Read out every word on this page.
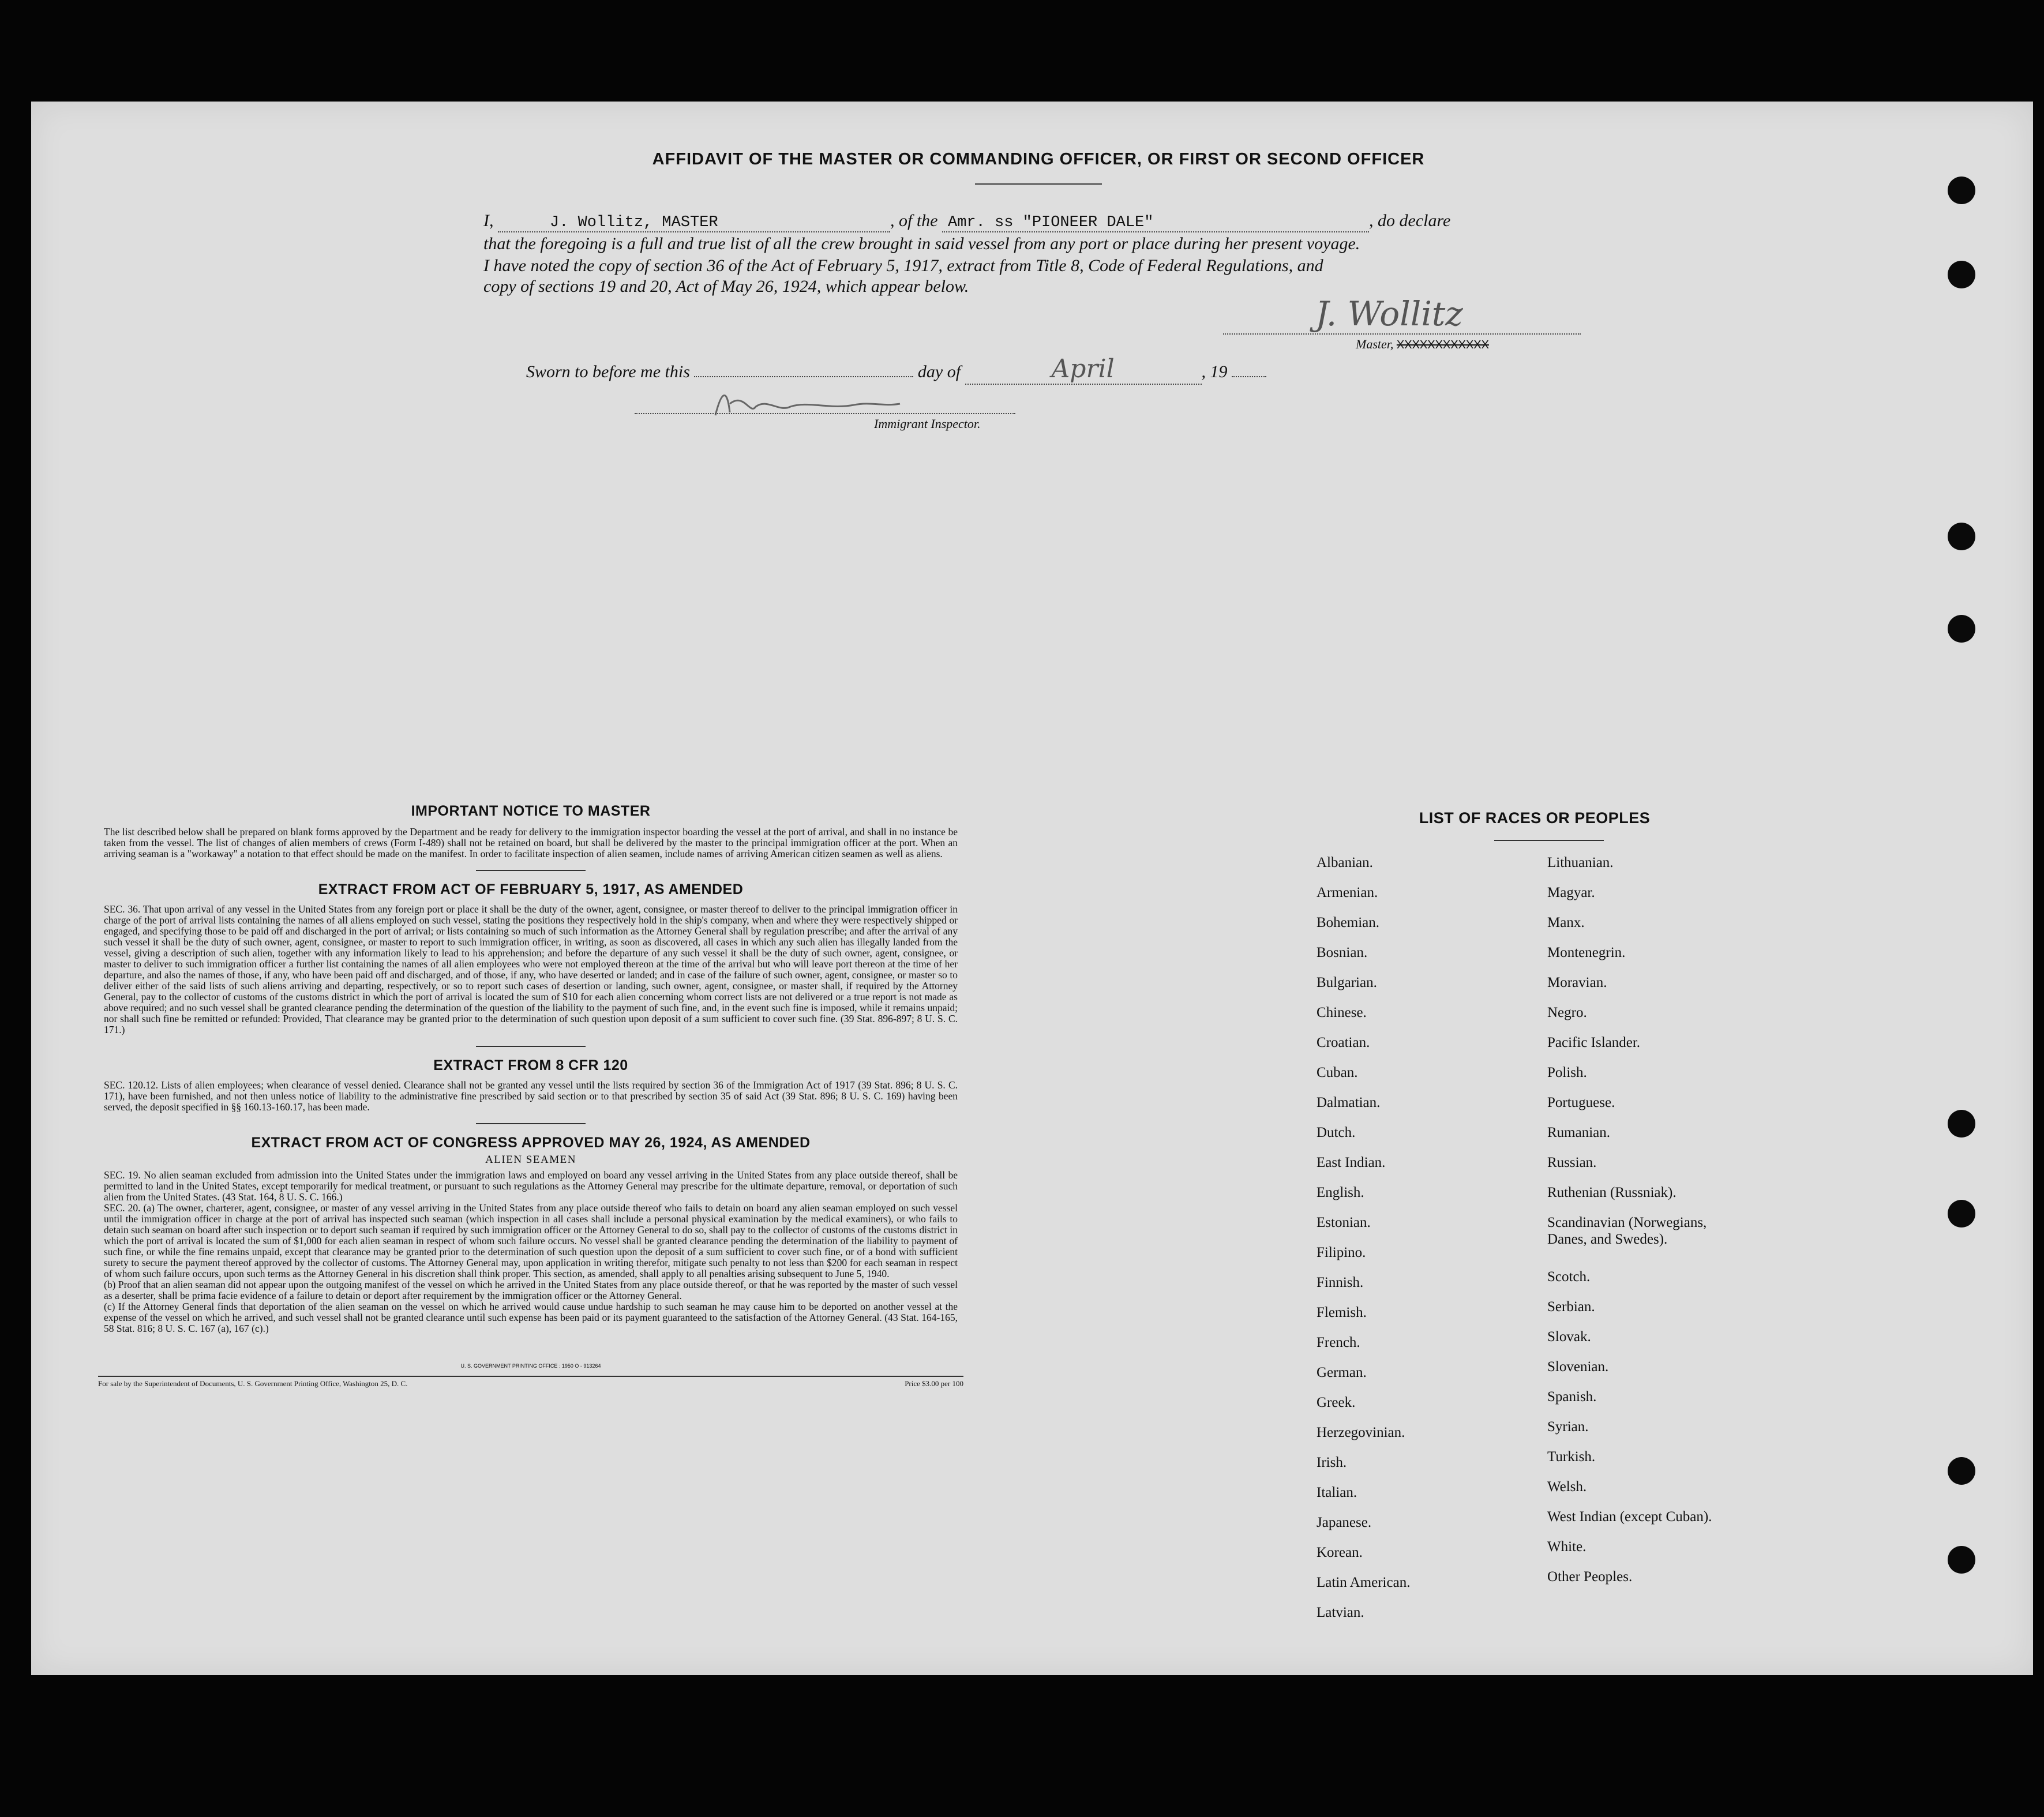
AFFIDAVIT OF THE MASTER OR COMMANDING OFFICER, OR FIRST OR SECOND OFFICER
I,	J. Wollitz, MASTER	, of the Amr. ss "PIONEER DALE"	, do declare
that the foregoing is a full and true list of all the crew brought in said vessel from any port or place during her present voyage.
I have noted the copy of section 36 of the Act of February 5, 1917, extract from Title 8, Code of Federal Regulations, and
copy of sections 19 and 20, Act of May 26, 1924, which appear below.
J. Wollitz
Master, XXXXXXXXXXXX
Sworn to before me this	day of	April	, 19
Immigrant Inspector.
IMPORTANT NOTICE TO MASTER

The list described below shall be prepared on blank forms approved by the Department and be ready for delivery to the immigration inspector boarding the vessel at the port of arrival, and shall in no instance be taken from the vessel. The list of changes of alien members of crews (Form I-489) shall not be retained on board, but shall be delivered by the master to the principal immigration officer at the port. When an arriving seaman is a "workaway" a notation to that effect should be made on the manifest. In order to facilitate inspection of alien seamen, include names of arriving American citizen seamen as well as aliens.

EXTRACT FROM ACT OF FEBRUARY 5, 1917, AS AMENDED

SEC. 36. That upon arrival of any vessel in the United States from any foreign port or place it shall be the duty of the owner, agent, consignee, or master thereof to deliver to the principal immigration officer in charge of the port of arrival lists containing the names of all aliens employed on such vessel, stating the positions they respectively hold in the ship's company, when and where they were respectively shipped or engaged, and specifying those to be paid off and discharged in the port of arrival; or lists containing so much of such information as the Attorney General shall by regulation prescribe; and after the arrival of any such vessel it shall be the duty of such owner, agent, consignee, or master to report to such immigration officer, in writing, as soon as discovered, all cases in which any such alien has illegally landed from the vessel, giving a description of such alien, together with any information likely to lead to his apprehension; and before the departure of any such vessel it shall be the duty of such owner, agent, consignee, or master to deliver to such immigration officer a further list containing the names of all alien employees who were not employed thereon at the time of the arrival but who will leave port thereon at the time of her departure, and also the names of those, if any, who have been paid off and discharged, and of those, if any, who have deserted or landed; and in case of the failure of such owner, agent, consignee, or master so to deliver either of the said lists of such aliens arriving and departing, respectively, or so to report such cases of desertion or landing, such owner, agent, consignee, or master shall, if required by the Attorney General, pay to the collector of customs of the customs district in which the port of arrival is located the sum of $10 for each alien concerning whom correct lists are not delivered or a true report is not made as above required; and no such vessel shall be granted clearance pending the determination of the question of the liability to the payment of such fine, and, in the event such fine is imposed, while it remains unpaid; nor shall such fine be remitted or refunded: Provided, That clearance may be granted prior to the determination of such question upon deposit of a sum sufficient to cover such fine. (39 Stat. 896-897; 8 U. S. C. 171.)

EXTRACT FROM 8 CFR 120

SEC. 120.12. Lists of alien employees; when clearance of vessel denied. Clearance shall not be granted any vessel until the lists required by section 36 of the Immigration Act of 1917 (39 Stat. 896; 8 U. S. C. 171), have been furnished, and not then unless notice of liability to the administrative fine prescribed by said section or to that prescribed by section 35 of said Act (39 Stat. 896; 8 U. S. C. 169) having been served, the deposit specified in §§ 160.13-160.17, has been made.

EXTRACT FROM ACT OF CONGRESS APPROVED MAY 26, 1924, AS AMENDED
ALIEN SEAMEN

SEC. 19. No alien seaman excluded from admission into the United States under the immigration laws and employed on board any vessel arriving in the United States from any place outside thereof, shall be permitted to land in the United States, except temporarily for medical treatment, or pursuant to such regulations as the Attorney General may prescribe for the ultimate departure, removal, or deportation of such alien from the United States. (43 Stat. 164, 8 U. S. C. 166.)

SEC. 20. (a) The owner, charterer, agent, consignee, or master of any vessel arriving in the United States from any place outside thereof who fails to detain on board any alien seaman employed on such vessel until the immigration officer in charge at the port of arrival has inspected such seaman (which inspection in all cases shall include a personal physical examination by the medical examiners), or who fails to detain such seaman on board after such inspection or to deport such seaman if required by such immigration officer or the Attorney General to do so, shall pay to the collector of customs of the customs district in which the port of arrival is located the sum of $1,000 for each alien seaman in respect of whom such failure occurs. No vessel shall be granted clearance pending the determination of the liability to payment of such fine, or while the fine remains unpaid, except that clearance may be granted prior to the determination of such question upon the deposit of a sum sufficient to cover such fine, or of a bond with sufficient surety to secure the payment thereof approved by the collector of customs. The Attorney General may, upon application in writing therefor, mitigate such penalty to not less than $200 for each seaman in respect of whom such failure occurs, upon such terms as the Attorney General in his discretion shall think proper. This section, as amended, shall apply to all penalties arising subsequent to June 5, 1940.

(b) Proof that an alien seaman did not appear upon the outgoing manifest of the vessel on which he arrived in the United States from any place outside thereof, or that he was reported by the master of such vessel as a deserter, shall be prima facie evidence of a failure to detain or deport after requirement by the immigration officer or the Attorney General.

(c) If the Attorney General finds that deportation of the alien seaman on the vessel on which he arrived would cause undue hardship to such seaman he may cause him to be deported on another vessel at the expense of the vessel on which he arrived, and such vessel shall not be granted clearance until such expense has been paid or its payment guaranteed to the satisfaction of the Attorney General. (43 Stat. 164-165, 58 Stat. 816; 8 U. S. C. 167 (a), 167 (c).)

U. S. GOVERNMENT PRINTING OFFICE : 1950 O - 913264
For sale by the Superintendent of Documents, U. S. Government Printing Office, Washington 25, D. C.	Price $3.00 per 100
LIST OF RACES OR PEOPLES
Albanian.
Armenian.
Bohemian.
Bosnian.
Bulgarian.
Chinese.
Croatian.
Cuban.
Dalmatian.
Dutch.
East Indian.
English.
Estonian.
Filipino.
Finnish.
Flemish.
French.
German.
Greek.
Herzegovinian.
Irish.
Italian.
Japanese.
Korean.
Latin American.
Latvian.
Lithuanian.
Magyar.
Manx.
Montenegrin.
Moravian.
Negro.
Pacific Islander.
Polish.
Portuguese.
Rumanian.
Russian.
Ruthenian (Russniak).
Scandinavian (Norwegians,
Danes, and Swedes).
Scotch.
Serbian.
Slovak.
Slovenian.
Spanish.
Syrian.
Turkish.
Welsh.
West Indian (except Cuban).
White.
Other Peoples.
